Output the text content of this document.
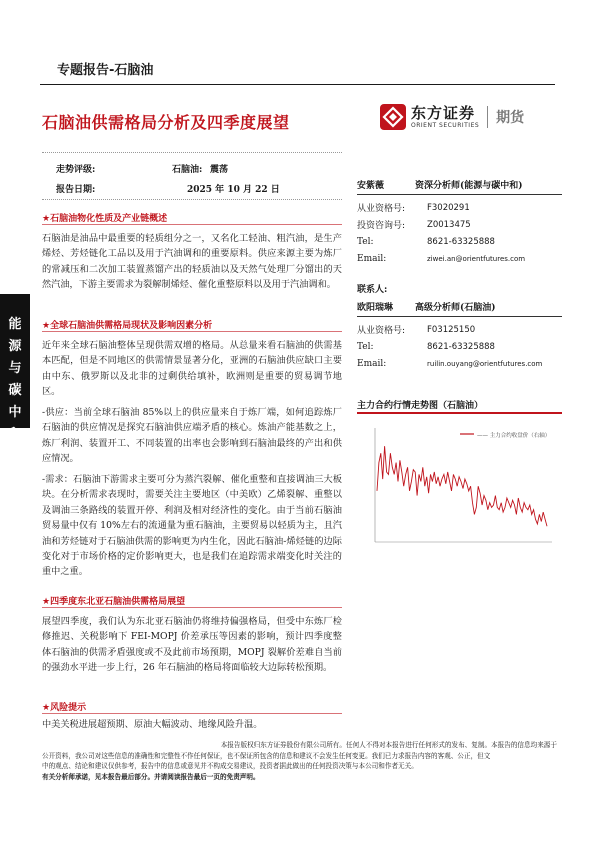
专题报告-石脑油
石脑油供需格局分析及四季度展望	东方证券
ORIENT SECURITIES 期货
走势评级:	石脑油: 震荡
报告日期:	2025 年 10 月 22 日
能
源
与
碳
中
和
★石脑油物化性质及产业链概述
石脑油是油品中最重要的轻质组分之一，又名化工轻油、粗汽油，是生产烯烃、芳烃链化工品以及用于汽油调和的重要原料。供应来源主要为炼厂的常减压和二次加工装置蒸馏产出的轻质油以及天然气处理厂分馏出的天然汽油，下游主要需求为裂解制烯烃、催化重整原料以及用于汽油调和。
★全球石脑油供需格局现状及影响因素分析
近年来全球石脑油整体呈现供需双增的格局。从总量来看石脑油的供需基本匹配，但是不同地区的供需情景显著分化，亚洲的石脑油供应缺口主要由中东、俄罗斯以及北非的过剩供给填补，欧洲则是重要的贸易调节地区。
-供应：当前全球石脑油 85%以上的供应量来自于炼厂端，如何追踪炼厂石脑油的供应情况是探究石脑油供应端矛盾的核心。炼油产能基数之上，炼厂利润、装置开工、不同装置的出率也会影响到石脑油最终的产出和供应情况。
-需求：石脑油下游需求主要可分为蒸汽裂解、催化重整和直接调油三大板块。在分析需求表现时，需要关注主要地区（中美欧）乙烯裂解、重整以及调油三条路线的装置开停、利润及相对经济性的变化。由于当前石脑油贸易量中仅有 10%左右的流通量为重石脑油，主要贸易以轻质为主，且汽油和芳烃链对于石脑油供需的影响更为内生化，因此石脑油-烯烃链的边际变化对于市场价格的定价影响更大，也是我们在追踪需求端变化时关注的重中之重。
★四季度东北亚石脑油供需格局展望
展望四季度，我们认为东北亚石脑油仍将维持偏强格局，但受中东炼厂检修推迟、关税影响下 FEI-MOPJ 价差承压等因素的影响，预计四季度整体石脑油的供需矛盾强度或不及此前市场预期，MOPJ 裂解价差难自当前的强劲水平进一步上行，26 年石脑油的格局将面临较大边际转松预期。
★风险提示
中美关税进展超预期、原油大幅波动、地缘风险升温。
安紫薇	资深分析师(能源与碳中和)
从业资格号:	F3020291
投资咨询号:	Z0013475
Tel:	8621-63325888
Email:	ziwei.an@orientfutures.com
联系人:
欧阳瑞琳	高级分析师(石脑油)
从业资格号:	F03125150
Tel:	8621-63325888
Email:	ruilin.ouyang@orientfutures.com
主力合约行情走势图（石脑油）
—— 主力合约收盘价（右轴）
本报告版权归东方证券股份有限公司所有。任何人不得对本报告进行任何形式的发布、复制。本报告的信息均来源于
公开资料，我公司对这些信息的准确性和完整性不作任何保证，也不保证所包含的信息和建议不会发生任何变更。我们已力求报告内容的客观、公正，但文
中的观点、结论和建议仅供参考，报告中的信息或意见并不构成交易建议，投资者据此做出的任何投资决策与本公司和作者无关。
有关分析师承诺，见本报告最后部分。并请阅读报告最后一页的免责声明。
